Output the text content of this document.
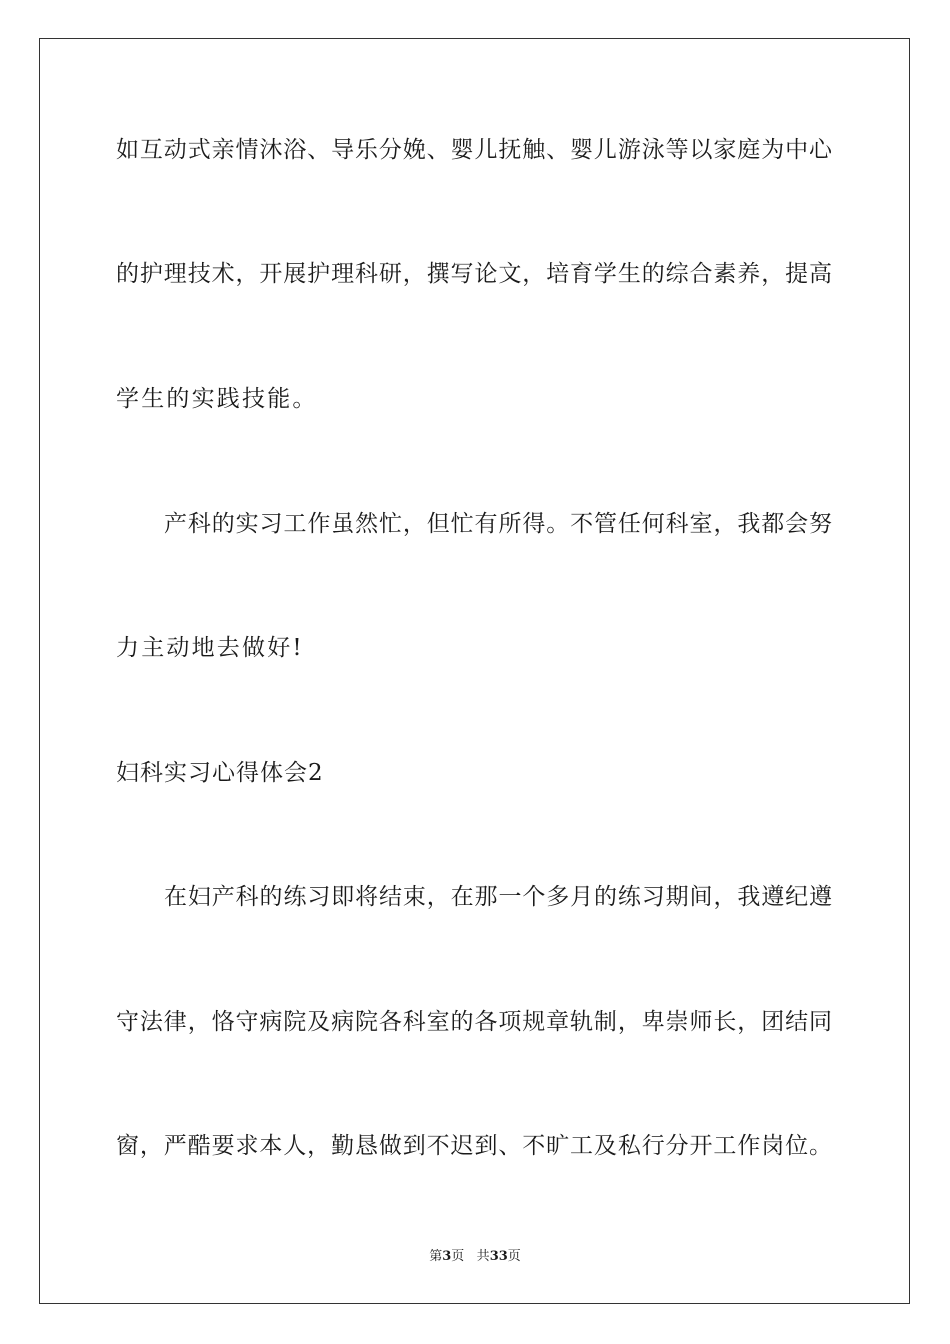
如互动式亲情沐浴、导乐分娩、婴儿抚触、婴儿游泳等以家庭为中心
的护理技术，开展护理科研，撰写论文，培育学生的综合素养，提高
学生的实践技能。
产科的实习工作虽然忙，但忙有所得。不管任何科室，我都会努
力主动地去做好!
妇科实习心得体会2
在妇产科的练习即将结束，在那一个多月的练习期间，我遵纪遵
守法律，恪守病院及病院各科室的各项规章轨制，卑崇师长，团结同
窗，严酷要求本人，勤恳做到不迟到、不旷工及私行分开工作岗位。
第3页 共33页
